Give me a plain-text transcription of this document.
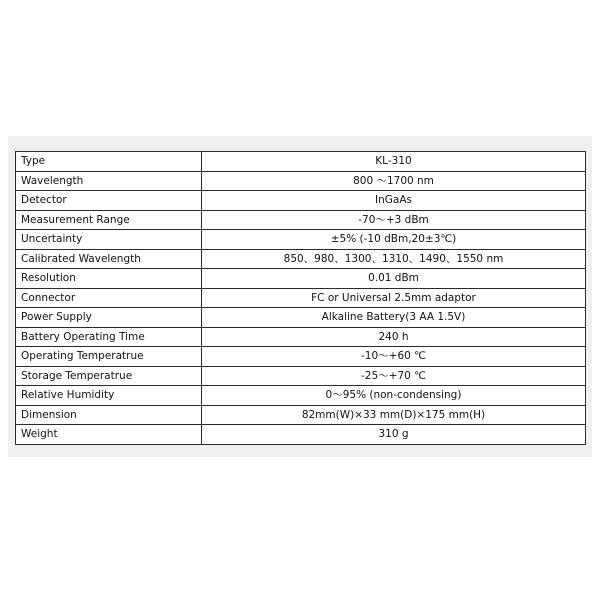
Type	KL-310
Wavelength	800 ～1700 nm
Detector	InGaAs
Measurement Range	-70～+3 dBm
Uncertainty	±5% (-10 dBm,20±3℃)
Calibrated Wavelength	850、980、1300、1310、1490、1550 nm
Resolution	0.01 dBm
Connector	FC or Universal 2.5mm adaptor
Power Supply	Alkaline Battery(3 AA 1.5V)
Battery Operating Time	240 h
Operating Temperatrue	-10～+60 ℃
Storage Temperatrue	-25～+70 ℃
Relative Humidity	0～95% (non-condensing)
Dimension	82mm(W)×33 mm(D)×175 mm(H)
Weight	310 g
